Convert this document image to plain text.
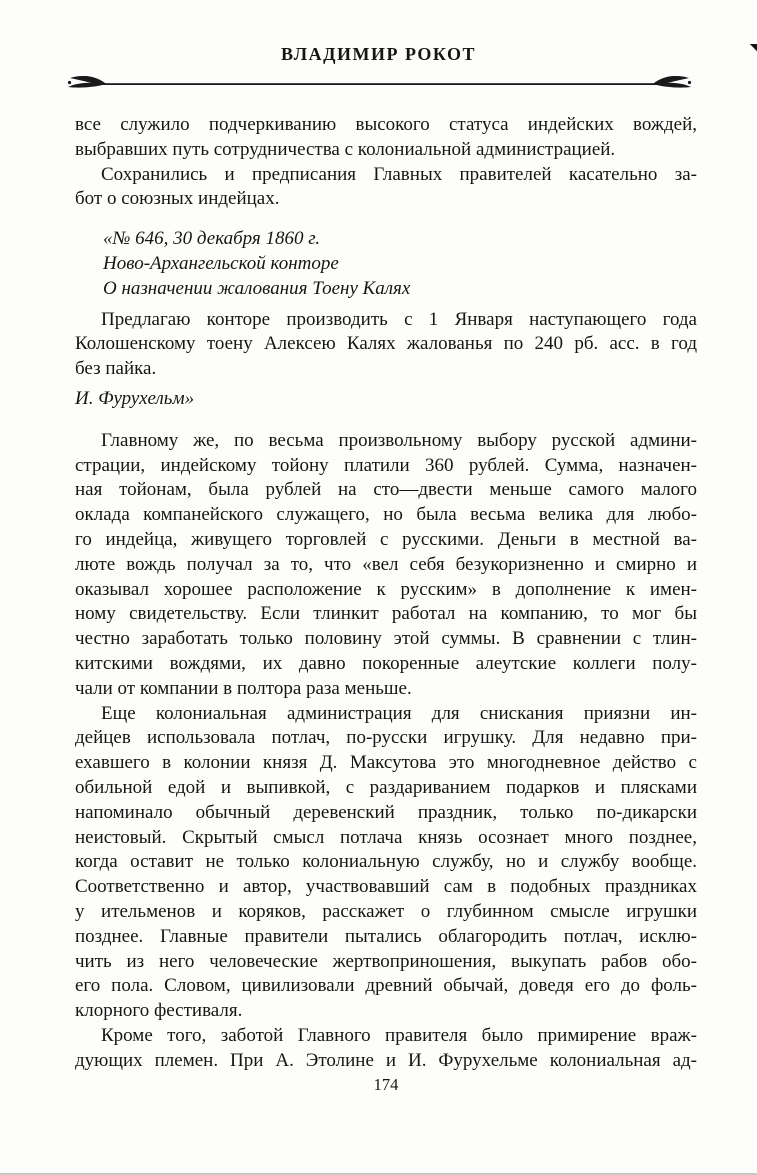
ВЛАДИМИР РОКОТ
все служило подчеркиванию высокого статуса индейских вождей,
выбравших путь сотрудничества с колониальной администрацией.
Сохранились и предписания Главных правителей касательно за-
бот о союзных индейцах.
«№ 646, 30 декабря 1860 г.
Ново-Архангельской конторе
О назначении жалования Тоену Калях
Предлагаю конторе производить с 1 Января наступающего года
Колошенскому тоену Алексею Калях жалованья по 240 рб. асс. в год
без пайка.
И. Фурухельм»
Главному же, по весьма произвольному выбору русской админи-
страции, индейскому тойону платили 360 рублей. Сумма, назначен-
ная тойонам, была рублей на сто—двести меньше самого малого
оклада компанейского служащего, но была весьма велика для любо-
го индейца, живущего торговлей с русскими. Деньги в местной ва-
люте вождь получал за то, что «вел себя безукоризненно и смирно и
оказывал хорошее расположение к русским» в дополнение к имен-
ному свидетельству. Если тлинкит работал на компанию, то мог бы
честно заработать только половину этой суммы. В сравнении с тлин-
китскими вождями, их давно покоренные алеутские коллеги полу-
чали от компании в полтора раза меньше.
Еще колониальная администрация для снискания приязни ин-
дейцев использовала потлач, по-русски игрушку. Для недавно при-
ехавшего в колонии князя Д. Максутова это многодневное действо с
обильной едой и выпивкой, с раздариванием подарков и плясками
напоминало обычный деревенский праздник, только по-дикарски
неистовый. Скрытый смысл потлача князь осознает много позднее,
когда оставит не только колониальную службу, но и службу вообще.
Соответственно и автор, участвовавший сам в подобных праздниках
у ительменов и коряков, расскажет о глубинном смысле игрушки
позднее. Главные правители пытались облагородить потлач, исклю-
чить из него человеческие жертвоприношения, выкупать рабов обо-
его пола. Словом, цивилизовали древний обычай, доведя его до фоль-
клорного фестиваля.
Кроме того, заботой Главного правителя было примирение враж-
дующих племен. При А. Этолине и И. Фурухельме колониальная ад-
174
